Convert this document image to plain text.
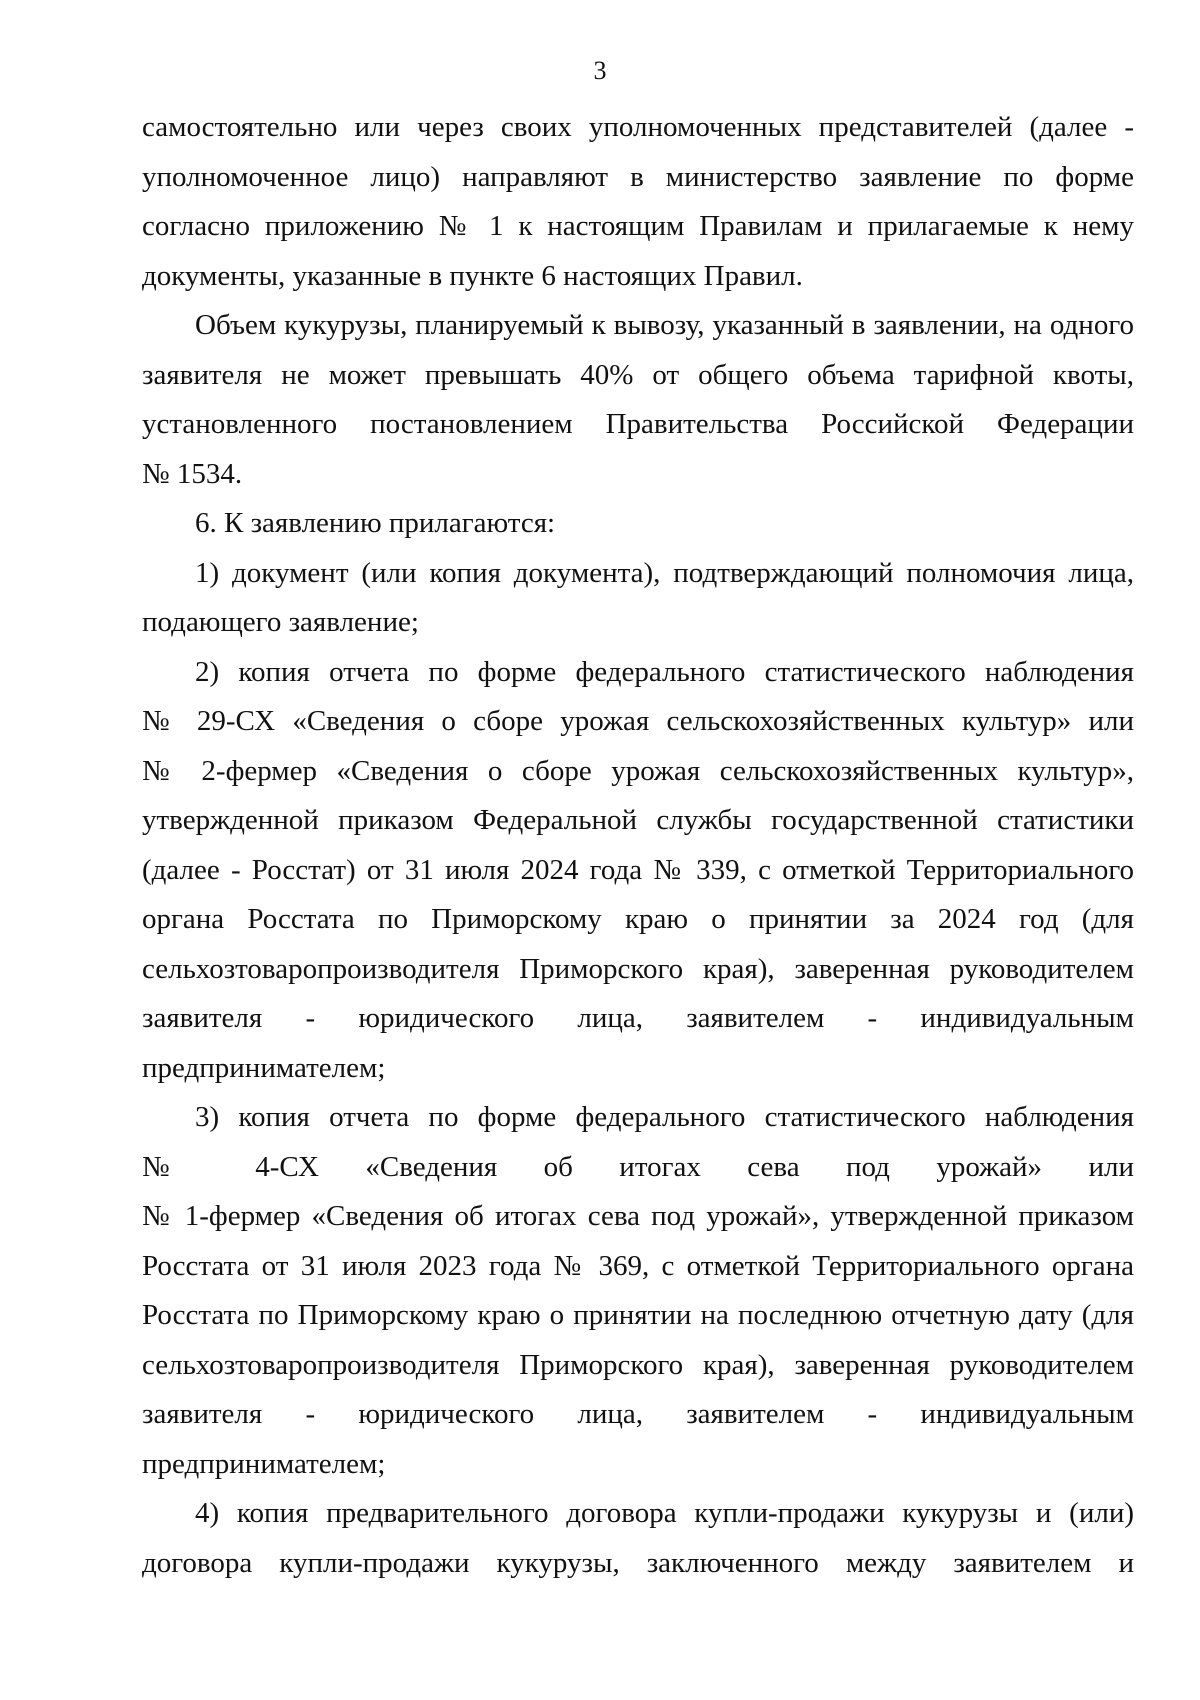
3
самостоятельно или через своих уполномоченных представителей (далее -
уполномоченное лицо) направляют в министерство заявление по форме
согласно приложению № 1 к настоящим Правилам и прилагаемые к нему
документы, указанные в пункте 6 настоящих Правил.
Объем кукурузы, планируемый к вывозу, указанный в заявлении, на одного
заявителя не может превышать 40% от общего объема тарифной квоты,
установленного постановлением Правительства Российской Федерации
№ 1534.
6. К заявлению прилагаются:
1) документ (или копия документа), подтверждающий полномочия лица,
подающего заявление;
2) копия отчета по форме федерального статистического наблюдения
№ 29-СХ «Сведения о сборе урожая сельскохозяйственных культур» или
№ 2-фермер «Сведения о сборе урожая сельскохозяйственных культур»,
утвержденной приказом Федеральной службы государственной статистики
(далее - Росстат) от 31 июля 2024 года № 339, с отметкой Территориального
органа Росстата по Приморскому краю о принятии за 2024 год (для
сельхозтоваропроизводителя Приморского края), заверенная руководителем
заявителя - юридического лица, заявителем - индивидуальным
предпринимателем;
3) копия отчета по форме федерального статистического наблюдения
№ 4-СХ «Сведения об итогах сева под урожай» или
№ 1-фермер «Сведения об итогах сева под урожай», утвержденной приказом
Росстата от 31 июля 2023 года № 369, с отметкой Территориального органа
Росстата по Приморскому краю о принятии на последнюю отчетную дату (для
сельхозтоваропроизводителя Приморского края), заверенная руководителем
заявителя - юридического лица, заявителем - индивидуальным
предпринимателем;
4) копия предварительного договора купли-продажи кукурузы и (или)
договора купли-продажи кукурузы, заключенного между заявителем и
